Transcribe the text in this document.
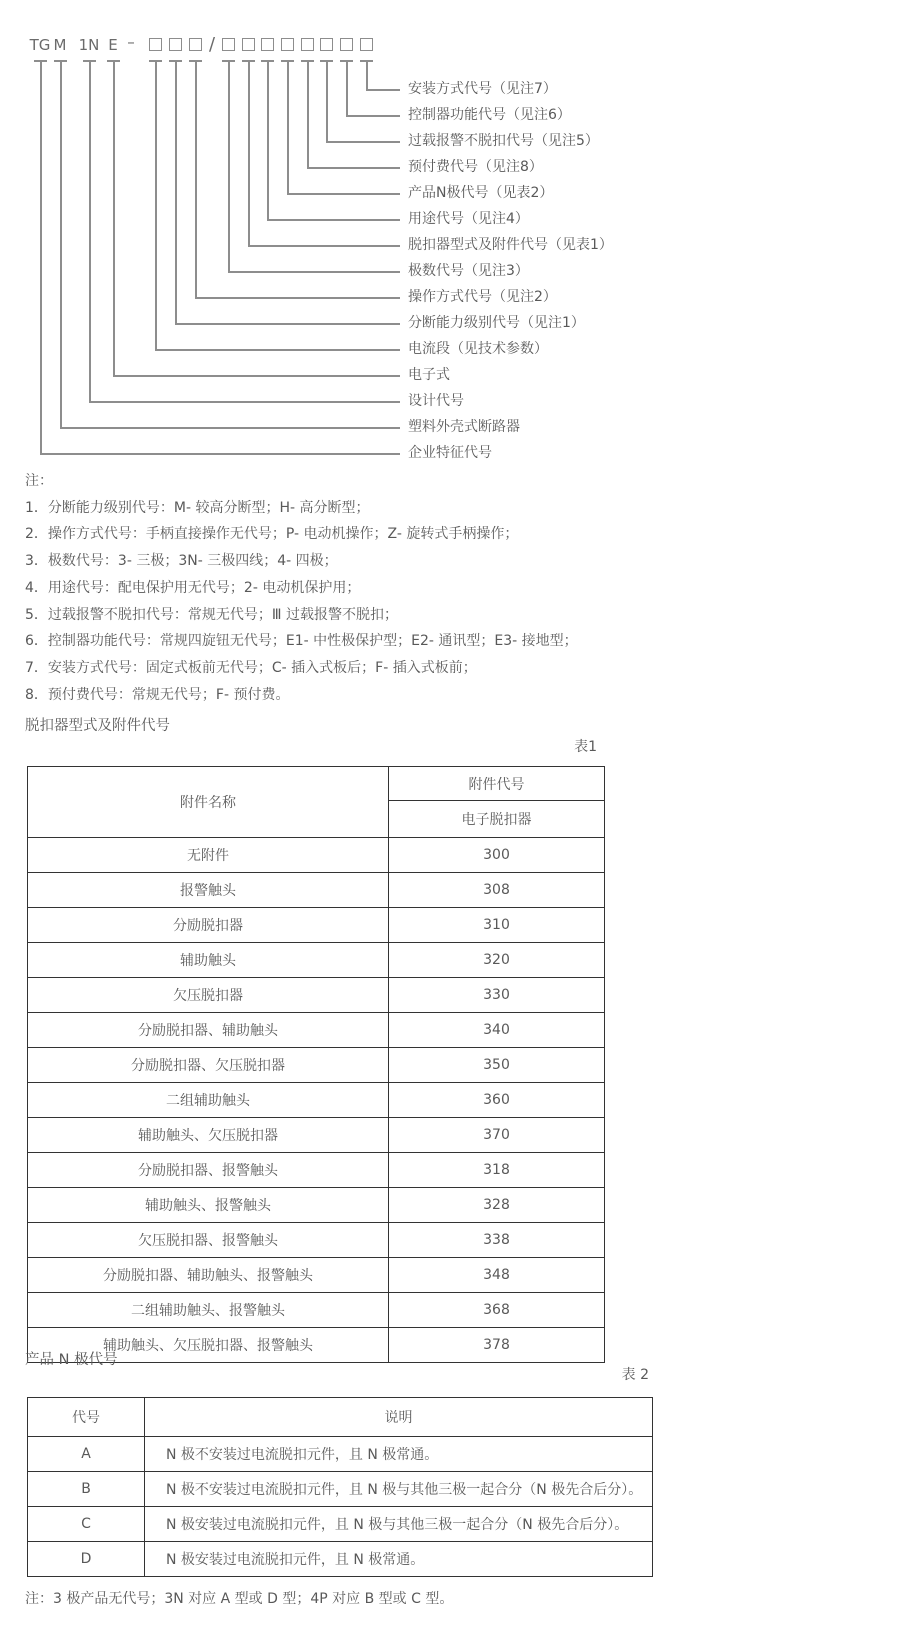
TG M 1N E –	/
安装方式代号（见注7）
控制器功能代号（见注6）
过载报警不脱扣代号（见注5）
预付费代号（见注8）
产品N极代号（见表2）
用途代号（见注4）
脱扣器型式及附件代号（见表1）
极数代号（见注3）
操作方式代号（见注2）
分断能力级别代号（见注1）
电流段（见技术参数）
电子式
设计代号
塑料外壳式断路器
企业特征代号
注：
1．分断能力级别代号：M- 较高分断型；H- 高分断型；
2．操作方式代号：手柄直接操作无代号；P- 电动机操作；Z- 旋转式手柄操作；
3．极数代号：3- 三极；3N- 三极四线；4- 四极；
4．用途代号：配电保护用无代号；2- 电动机保护用；
5．过载报警不脱扣代号：常规无代号；Ⅲ 过载报警不脱扣；
6．控制器功能代号：常规四旋钮无代号；E1- 中性极保护型；E2- 通讯型；E3- 接地型；
7．安装方式代号：固定式板前无代号；C- 插入式板后；F- 插入式板前；
8．预付费代号：常规无代号；F- 预付费。
脱扣器型式及附件代号
表1
附件名称	附件代号
	电子脱扣器
无附件	300
报警触头	308
分励脱扣器	310
辅助触头	320
欠压脱扣器	330
分励脱扣器、辅助触头	340
分励脱扣器、欠压脱扣器	350
二组辅助触头	360
辅助触头、欠压脱扣器	370
分励脱扣器、报警触头	318
辅助触头、报警触头	328
欠压脱扣器、报警触头	338
分励脱扣器、辅助触头、报警触头	348
二组辅助触头、报警触头	368
辅助触头、欠压脱扣器、报警触头	378
产品 N 极代号
表 2
代号	说明
A	N 极不安装过电流脱扣元件，且 N 极常通。
B	N 极不安装过电流脱扣元件，且 N 极与其他三极一起合分（N 极先合后分）。
C	N 极安装过电流脱扣元件，且 N 极与其他三极一起合分（N 极先合后分）。
D	N 极安装过电流脱扣元件，且 N 极常通。
注：3 极产品无代号；3N 对应 A 型或 D 型；4P 对应 B 型或 C 型。
